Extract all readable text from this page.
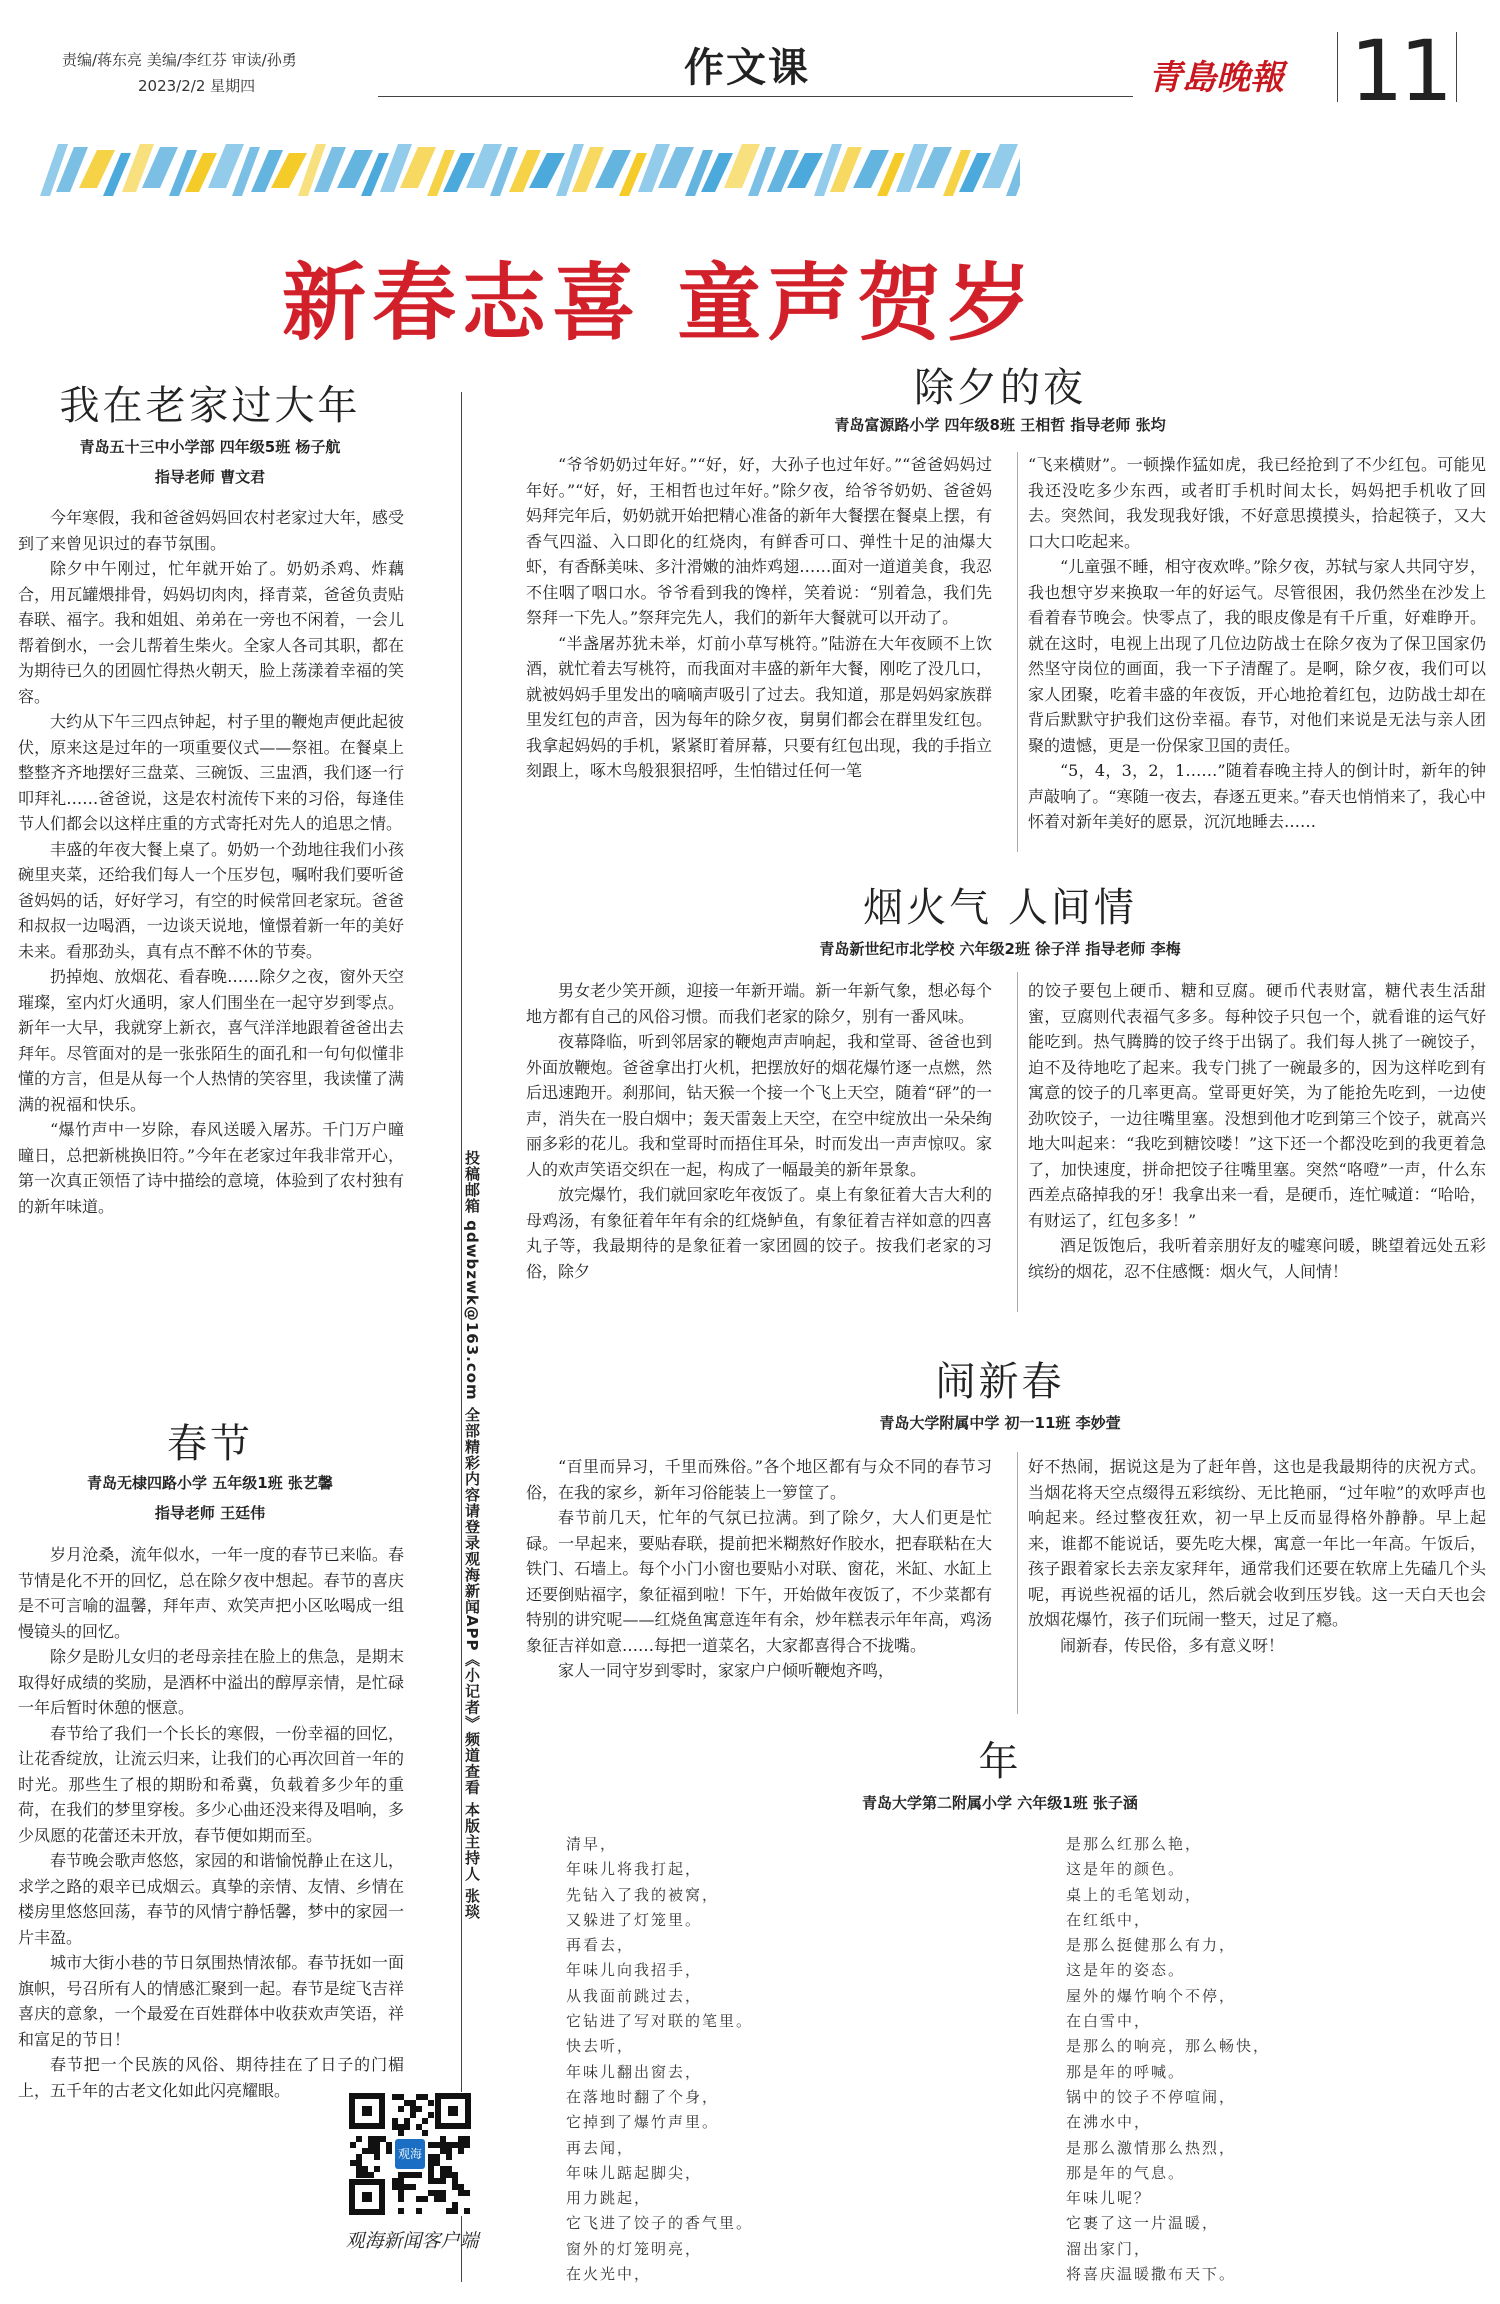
责编/蒋东亮 美编/李红芬 审读/孙勇
2023/2/2 星期四	作文课	青島晚報 11
新春志喜 童声贺岁
我在老家过大年
青岛五十三中小学部 四年级5班 杨子航
指导老师 曹文君

今年寒假，我和爸爸妈妈回农村老家过大年，感受到了来曾见识过的春节氛围。

除夕中午刚过，忙年就开始了。奶奶杀鸡、炸藕合，用瓦罐煨排骨，妈妈切肉肉，择青菜，爸爸负责贴春联、福字。我和姐姐、弟弟在一旁也不闲着，一会儿帮着倒水，一会儿帮着生柴火。全家人各司其职，都在为期待已久的团圆忙得热火朝天，脸上荡漾着幸福的笑容。

大约从下午三四点钟起，村子里的鞭炮声便此起彼伏，原来这是过年的一项重要仪式——祭祖。在餐桌上整整齐齐地摆好三盘菜、三碗饭、三盅酒，我们逐一行叩拜礼……爸爸说，这是农村流传下来的习俗，每逢佳节人们都会以这样庄重的方式寄托对先人的追思之情。

丰盛的年夜大餐上桌了。奶奶一个劲地往我们小孩碗里夹菜，还给我们每人一个压岁包，嘱咐我们要听爸爸妈妈的话，好好学习，有空的时候常回老家玩。爸爸和叔叔一边喝酒，一边谈天说地，憧憬着新一年的美好未来。看那劲头，真有点不醉不休的节奏。

扔掉炮、放烟花、看春晚……除夕之夜，窗外天空璀璨，室内灯火通明，家人们围坐在一起守岁到零点。新年一大早，我就穿上新衣，喜气洋洋地跟着爸爸出去拜年。尽管面对的是一张张陌生的面孔和一句句似懂非懂的方言，但是从每一个人热情的笑容里，我读懂了满满的祝福和快乐。

“爆竹声中一岁除，春风送暖入屠苏。千门万户曈曈日，总把新桃换旧符。”今年在老家过年我非常开心，第一次真正领悟了诗中描绘的意境，体验到了农村独有的新年味道。

春节
青岛无棣四路小学 五年级1班 张艺馨
指导老师 王廷伟

岁月沧桑，流年似水，一年一度的春节已来临。春节情是化不开的回忆，总在除夕夜中想起。春节的喜庆是不可言喻的温馨，拜年声、欢笑声把小区吆喝成一组慢镜头的回忆。

除夕是盼儿女归的老母亲挂在脸上的焦急，是期末取得好成绩的奖励，是酒杯中溢出的醇厚亲情，是忙碌一年后暂时休憩的惬意。

春节给了我们一个长长的寒假，一份幸福的回忆，让花香绽放，让流云归来，让我们的心再次回首一年的时光。那些生了根的期盼和希冀，负载着多少年的重荷，在我们的梦里穿梭。多少心曲还没来得及唱响，多少凤愿的花蕾还未开放，春节便如期而至。

春节晚会歌声悠悠，家园的和谐愉悦静止在这儿，求学之路的艰辛已成烟云。真挚的亲情、友情、乡情在楼房里悠悠回荡，春节的风情宁静恬馨，梦中的家园一片丰盈。

城市大街小巷的节日氛围热情浓郁。春节抚如一面旗帜，号召所有人的情感汇聚到一起。春节是绽飞吉祥喜庆的意象，一个最爱在百姓群体中收获欢声笑语，祥和富足的节日！

春节把一个民族的风俗、期待挂在了日子的门楣上，五千年的古老文化如此闪亮耀眼。

投稿邮箱 qdwbzwk@163.com 全部精彩内容请登录观海新闻APP《小记者》频道查看 本版主持人 张琰
观海
观海新闻客户端
除夕的夜
青岛富源路小学 四年级8班 王相哲 指导老师 张均

“爷爷奶奶过年好。”“好，好，大孙子也过年好。”“爸爸妈妈过年好。”“好，好，王相哲也过年好。”除夕夜，给爷爷奶奶、爸爸妈妈拜完年后，奶奶就开始把精心准备的新年大餐摆在餐桌上摆，有香气四溢、入口即化的红烧肉，有鲜香可口、弹性十足的油爆大虾，有香酥美味、多汁滑嫩的油炸鸡翅……面对一道道美食，我忍不住咽了咽口水。爷爷看到我的馋样，笑着说：“别着急，我们先祭拜一下先人。”祭拜完先人，我们的新年大餐就可以开动了。

“半盏屠苏犹未举，灯前小草写桃符。”陆游在大年夜顾不上饮酒，就忙着去写桃符，而我面对丰盛的新年大餐，刚吃了没几口，就被妈妈手里发出的嘀嘀声吸引了过去。我知道，那是妈妈家族群里发红包的声音，因为每年的除夕夜，舅舅们都会在群里发红包。我拿起妈妈的手机，紧紧盯着屏幕，只要有红包出现，我的手指立刻跟上，啄木鸟般狠狠招呼，生怕错过任何一笔

“飞来横财”。一顿操作猛如虎，我已经抢到了不少红包。可能见我还没吃多少东西，或者盯手机时间太长，妈妈把手机收了回去。突然间，我发现我好饿，不好意思摸摸头，拾起筷子，又大口大口吃起来。

“儿童强不睡，相守夜欢哗。”除夕夜，苏轼与家人共同守岁，我也想守岁来换取一年的好运气。尽管很困，我仍然坐在沙发上看着春节晚会。快零点了，我的眼皮像是有千斤重，好难睁开。就在这时，电视上出现了几位边防战士在除夕夜为了保卫国家仍然坚守岗位的画面，我一下子清醒了。是啊，除夕夜，我们可以家人团聚，吃着丰盛的年夜饭，开心地抢着红包，边防战士却在背后默默守护我们这份幸福。春节，对他们来说是无法与亲人团聚的遗憾，更是一份保家卫国的责任。

“5，4，3，2，1……”随着春晚主持人的倒计时，新年的钟声敲响了。“寒随一夜去，春逐五更来。”春天也悄悄来了，我心中怀着对新年美好的愿景，沉沉地睡去……

烟火气 人间情
青岛新世纪市北学校 六年级2班 徐子洋 指导老师 李梅

男女老少笑开颜，迎接一年新开端。新一年新气象，想必每个地方都有自己的风俗习惯。而我们老家的除夕，别有一番风味。

夜幕降临，听到邻居家的鞭炮声声响起，我和堂哥、爸爸也到外面放鞭炮。爸爸拿出打火机，把摆放好的烟花爆竹逐一点燃，然后迅速跑开。刹那间，钻天猴一个接一个飞上天空，随着“砰”的一声，消失在一股白烟中；轰天雷轰上天空，在空中绽放出一朵朵绚丽多彩的花儿。我和堂哥时而捂住耳朵，时而发出一声声惊叹。家人的欢声笑语交织在一起，构成了一幅最美的新年景象。

放完爆竹，我们就回家吃年夜饭了。桌上有象征着大吉大利的母鸡汤，有象征着年年有余的红烧鲈鱼，有象征着吉祥如意的四喜丸子等，我最期待的是象征着一家团圆的饺子。按我们老家的习俗，除夕

的饺子要包上硬币、糖和豆腐。硬币代表财富，糖代表生活甜蜜，豆腐则代表福气多多。每种饺子只包一个，就看谁的运气好能吃到。热气腾腾的饺子终于出锅了。我们每人挑了一碗饺子，迫不及待地吃了起来。我专门挑了一碗最多的，因为这样吃到有寓意的饺子的几率更高。堂哥更好笑，为了能抢先吃到，一边使劲吹饺子，一边往嘴里塞。没想到他才吃到第三个饺子，就高兴地大叫起来：“我吃到糖饺喽！”这下还一个都没吃到的我更着急了，加快速度，拼命把饺子往嘴里塞。突然“咯噔”一声，什么东西差点硌掉我的牙！我拿出来一看，是硬币，连忙喊道：“哈哈，有财运了，红包多多！”

酒足饭饱后，我听着亲朋好友的嘘寒问暖，眺望着远处五彩缤纷的烟花，忍不住感慨：烟火气，人间情！

闹新春
青岛大学附属中学 初一11班 李妙萱

“百里而异习，千里而殊俗。”各个地区都有与众不同的春节习俗，在我的家乡，新年习俗能装上一箩筐了。

春节前几天，忙年的气氛已拉满。到了除夕，大人们更是忙碌。一早起来，要贴春联，提前把米糊熬好作胶水，把春联粘在大铁门、石墙上。每个小门小窗也要贴小对联、窗花，米缸、水缸上还要倒贴福字，象征福到啦！下午，开始做年夜饭了，不少菜都有特别的讲究呢——红烧鱼寓意连年有余，炒年糕表示年年高，鸡汤象征吉祥如意……每把一道菜名，大家都喜得合不拢嘴。

家人一同守岁到零时，家家户户倾听鞭炮齐鸣，

好不热闹，据说这是为了赶年兽，这也是我最期待的庆祝方式。当烟花将天空点缀得五彩缤纷、无比艳丽，“过年啦”的欢呼声也响起来。经过整夜狂欢，初一早上反而显得格外静静。早上起来，谁都不能说话，要先吃大棵，寓意一年比一年高。午饭后，孩子跟着家长去亲友家拜年，通常我们还要在软席上先磕几个头呢，再说些祝福的话儿，然后就会收到压岁钱。这一天白天也会放烟花爆竹，孩子们玩闹一整天，过足了瘾。

闹新春，传民俗，多有意义呀！

年
青岛大学第二附属小学 六年级1班 张子涵
清早，
年味儿将我打起，
先钻入了我的被窝，
又躲进了灯笼里。
再看去，
年味儿向我招手，
从我面前跳过去，
它钻进了写对联的笔里。
快去听，
年味儿翻出窗去，
在落地时翻了个身，
它掉到了爆竹声里。
再去闻，
年味儿踮起脚尖，
用力跳起，
它飞进了饺子的香气里。
窗外的灯笼明亮，
在火光中，
是那么红那么艳，
这是年的颜色。
桌上的毛笔划动，
在红纸中，
是那么挺健那么有力，
这是年的姿态。
屋外的爆竹响个不停，
在白雪中，
是那么的响亮，那么畅快，
那是年的呼喊。
锅中的饺子不停喧闹，
在沸水中，
是那么激情那么热烈，
那是年的气息。
年味儿呢？
它裹了这一片温暖，
溜出家门，
将喜庆温暖撒布天下。
